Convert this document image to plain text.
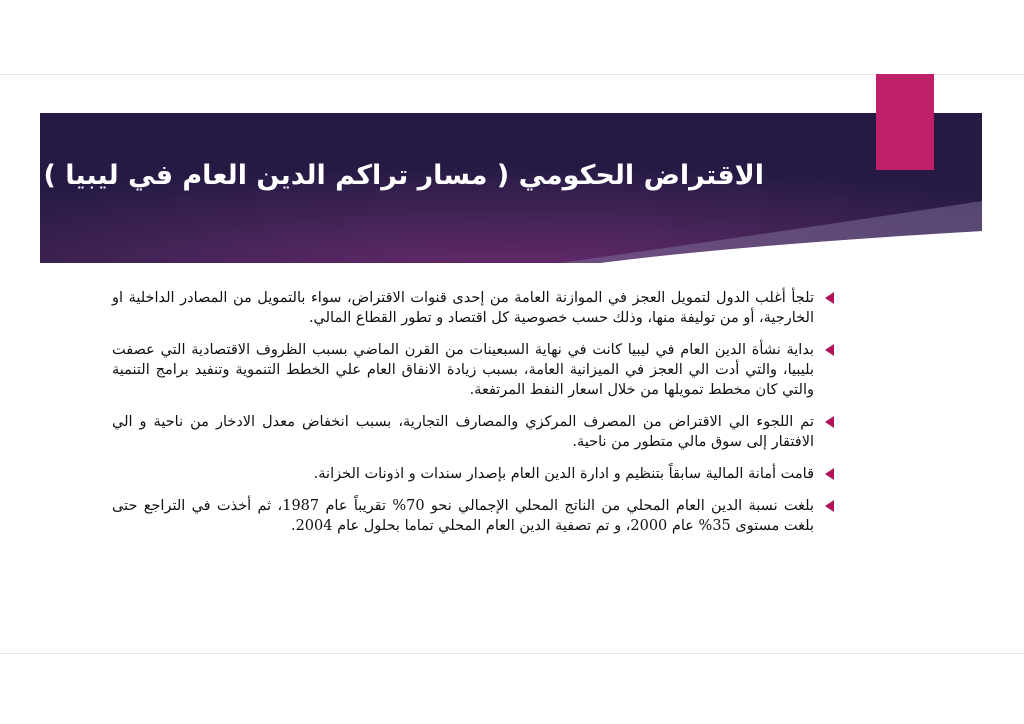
الاقتراض الحكومي ( مسار تراكم الدين العام في ليبيا )
تلجأ أغلب الدول لتمويل العجز في الموازنة العامة من إحدى قنوات الاقتراض، سواء بالتمويل من المصادر الداخلية او الخارجية، أو من توليفة منها، وذلك حسب خصوصية كل اقتصاد و تطور القطاع المالي.
بداية نشأة الدين العام في ليبيا كانت في نهاية السبعينات من القرن الماضي بسبب الظروف الاقتصادية التي عصفت بليبيا، والتي أدت الي العجز في الميزانية العامة، بسبب زيادة الانفاق العام علي الخطط التنموية وتنفيد برامج التنمية والتي كان مخطط تمويلها من خلال اسعار النفط المرتفعة.
تم اللجوء الي الاقتراض من المصرف المركزي والمصارف التجارية، بسبب انخفاض معدل الادخار من ناحية و الي الافتقار إلى سوق مالي متطور من ناحية.
قامت أمانة المالية سابقاً بتنظيم و ادارة الدين العام بإصدار سندات و اذونات الخزانة.
بلغت نسبة الدين العام المحلي من الناتج المحلي الإجمالي نحو 70% تقريباً عام 1987، ثم أخذت في التراجع حتى بلغت مستوى 35% عام 2000، و تم تصفية الدين العام المحلي تماما بحلول عام 2004.
